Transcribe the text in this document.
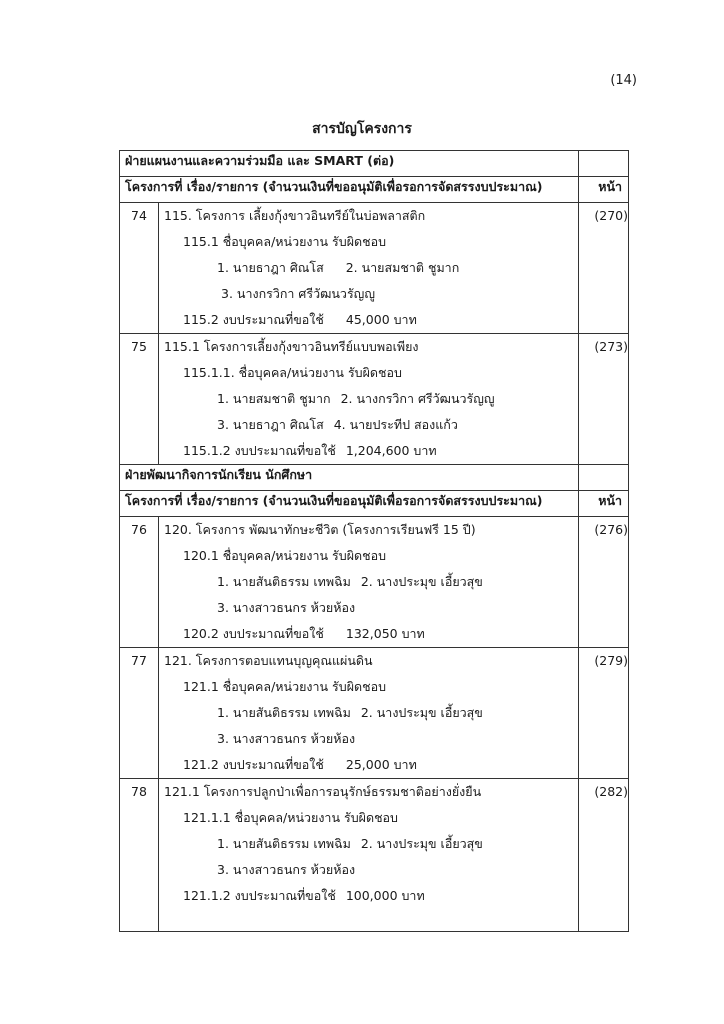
(14)
สารบัญโครงการ
ฝ่ายแผนงานและความร่วมมือ และ SMART (ต่อ)		
โครงการที่ เรื่อง/รายการ (จำนวนเงินที่ขออนุมัติเพื่อรอการจัดสรรงบประมาณ)		หน้า

74	115. โครงการ เลี้ยงกุ้งขาวอินทรีย์ในบ่อพลาสติก
115.1 ชื่อบุคคล/หน่วยงาน รับผิดชอบ
1. นายธาฎา ศิณโส 2. นายสมชาติ ชูมาก
3. นางกรวิกา ศรีวัฒนวรัญญู
115.2 งบประมาณที่ขอใช้ 45,000 บาท	(270)

75	115.1 โครงการเลี้ยงกุ้งขาวอินทรีย์แบบพอเพียง
115.1.1. ชื่อบุคคล/หน่วยงาน รับผิดชอบ
1. นายสมชาติ ชูมาก 2. นางกรวิกา ศรีวัฒนวรัญญู
3. นายธาฎา ศิณโส 4. นายประทีป สองแก้ว
115.1.2 งบประมาณที่ขอใช้ 1,204,600 บาท	(273)

ฝ่ายพัฒนากิจการนักเรียน นักศึกษา		
โครงการที่ เรื่อง/รายการ (จำนวนเงินที่ขออนุมัติเพื่อรอการจัดสรรงบประมาณ)		หน้า

76	120. โครงการ พัฒนาทักษะชีวิต (โครงการเรียนฟรี 15 ปี)
120.1 ชื่อบุคคล/หน่วยงาน รับผิดชอบ
1. นายสันติธรรม เทพฉิม 2. นางประมุข เอี้ยวสุข
3. นางสาวธนกร ห้วยห้อง
120.2 งบประมาณที่ขอใช้ 132,050 บาท	(276)

77	121. โครงการตอบแทนบุญคุณแผ่นดิน
121.1 ชื่อบุคคล/หน่วยงาน รับผิดชอบ
1. นายสันติธรรม เทพฉิม 2. นางประมุข เอี้ยวสุข
3. นางสาวธนกร ห้วยห้อง
121.2 งบประมาณที่ขอใช้ 25,000 บาท	(279)

78	121.1 โครงการปลูกป่าเพื่อการอนุรักษ์ธรรมชาติอย่างยั่งยืน
121.1.1 ชื่อบุคคล/หน่วยงาน รับผิดชอบ
1. นายสันติธรรม เทพฉิม 2. นางประมุข เอี้ยวสุข
3. นางสาวธนกร ห้วยห้อง
121.1.2 งบประมาณที่ขอใช้ 100,000 บาท	(282)
